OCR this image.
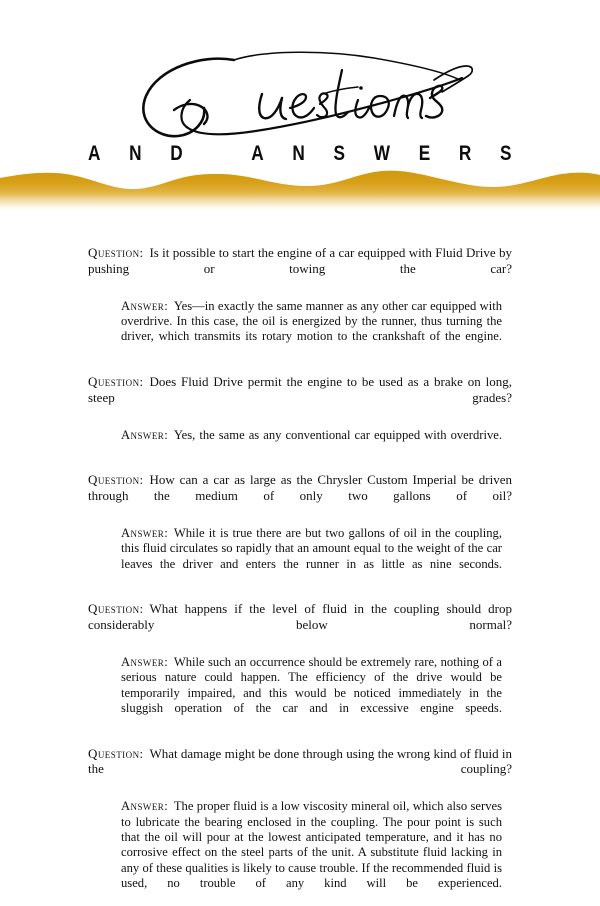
A N D	A N S W E R S

Question: Is it possible to start the engine of a car equipped with Fluid Drive by pushing or towing the car?

Answer: Yes—in exactly the same manner as any other car equipped with overdrive. In this case, the oil is energized by the runner, thus turning the driver, which transmits its rotary motion to the crankshaft of the engine.

Question: Does Fluid Drive permit the engine to be used as a brake on long, steep grades?

Answer: Yes, the same as any conventional car equipped with overdrive.

Question: How can a car as large as the Chrysler Custom Imperial be driven through the medium of only two gallons of oil?

Answer: While it is true there are but two gallons of oil in the coupling, this fluid circulates so rapidly that an amount equal to the weight of the car leaves the driver and enters the runner in as little as nine seconds.

Question: What happens if the level of fluid in the coupling should drop considerably below normal?

Answer: While such an occurrence should be extremely rare, nothing of a serious nature could happen. The efficiency of the drive would be temporarily impaired, and this would be noticed immediately in the sluggish operation of the car and in excessive engine speeds.

Question: What damage might be done through using the wrong kind of fluid in the coupling?

Answer: The proper fluid is a low viscosity mineral oil, which also serves to lubricate the bearing enclosed in the coupling. The pour point is such that the oil will pour at the lowest anticipated temperature, and it has no corrosive effect on the steel parts of the unit. A substitute fluid lacking in any of these qualities is likely to cause trouble. If the recommended fluid is used, no trouble of any kind will be experienced.
